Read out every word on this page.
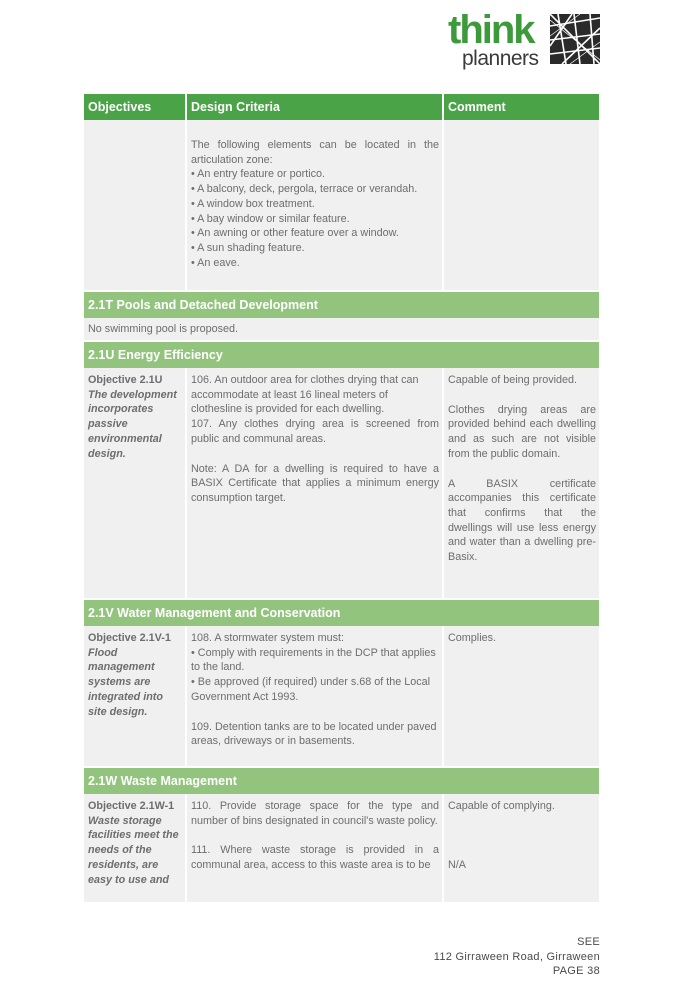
think
planners
Objectives	Design Criteria	Comment

The following elements can be located in the articulation zone:

• An entry feature or portico.

• A balcony, deck, pergola, terrace or verandah.

• A window box treatment.

• A bay window or similar feature.

• An awning or other feature over a window.

• A sun shading feature.

• An eave.

2.1T Pools and Detached Development
No swimming pool is proposed.
2.1U Energy Efficiency

Objective 2.1U

The development incorporates passive environmental design.

106. An outdoor area for clothes drying that can accommodate at least 16 lineal meters of clothesline is provided for each dwelling.

107. Any clothes drying area is screened from public and communal areas.

Note: A DA for a dwelling is required to have a BASIX Certificate that applies a minimum energy consumption target.

Capable of being provided.

Clothes drying areas are provided behind each dwelling and as such are not visible from the public domain.

A BASIX certificate accompanies this certificate that confirms that the dwellings will use less energy and water than a dwelling pre-Basix.

2.1V Water Management and Conservation

Objective 2.1V-1

Flood management systems are integrated into site design.

108. A stormwater system must:

• Comply with requirements in the DCP that applies to the land.

• Be approved (if required) under s.68 of the Local Government Act 1993.

109. Detention tanks are to be located under paved areas, driveways or in basements.

Complies.

2.1W Waste Management

Objective 2.1W-1

Waste storage facilities meet the needs of the residents, are easy to use and

110. Provide storage space for the type and number of bins designated in council's waste policy.

111. Where waste storage is provided in a communal area, access to this waste area is to be

Capable of complying.

N/A

SEE
112 Girraween Road, Girraween
PAGE 38
